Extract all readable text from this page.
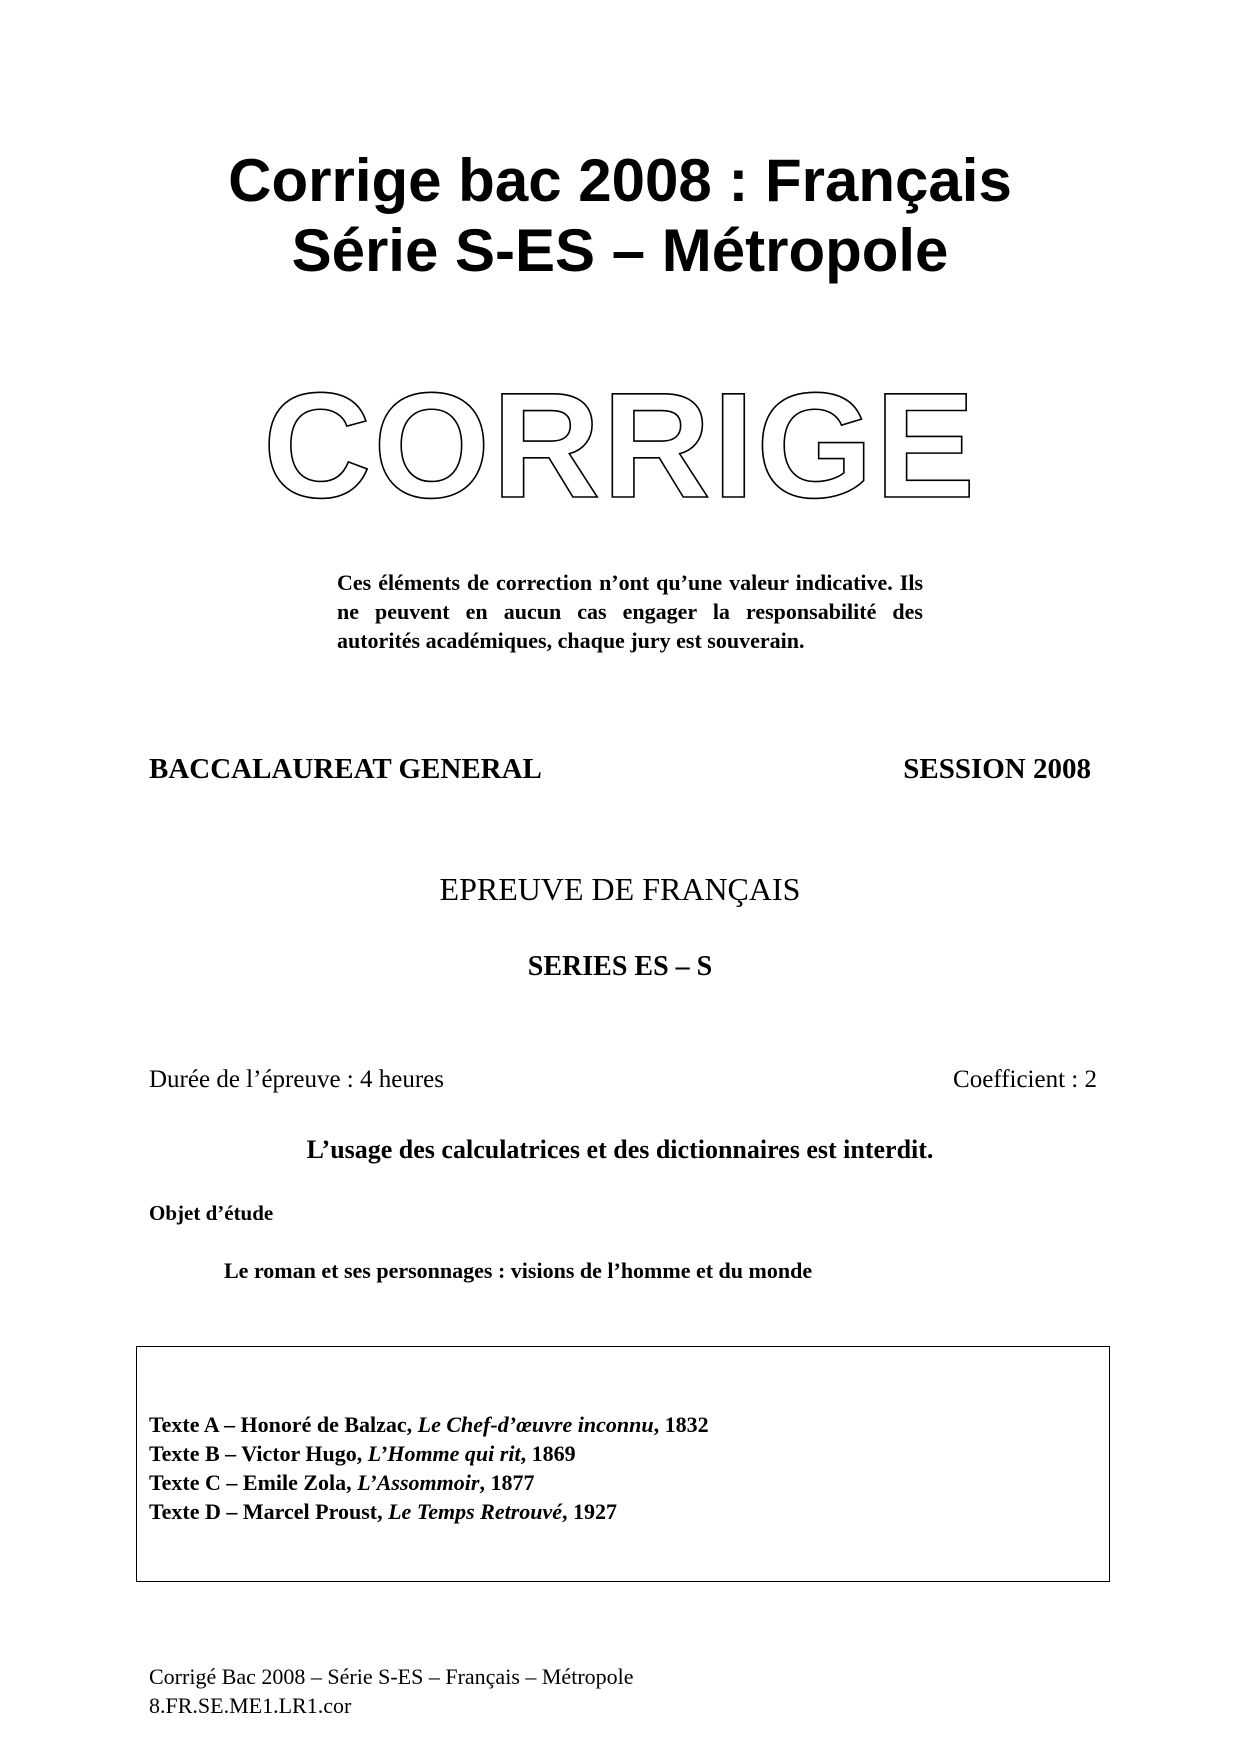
Corrige bac 2008 : Français
Série S-ES – Métropole
CORRIGE
Ces éléments de correction n’ont qu’une valeur indicative. Ils ne peuvent en aucun cas engager la responsabilité des autorités académiques, chaque jury est souverain.
BACCALAUREAT GENERAL	SESSION 2008
EPREUVE DE FRANÇAIS
SERIES ES – S
Durée de l’épreuve : 4 heures	Coefficient : 2
L’usage des calculatrices et des dictionnaires est interdit.
Objet d’étude
Le roman et ses personnages : visions de l’homme et du monde
Texte A – Honoré de Balzac, Le Chef-d’œuvre inconnu, 1832
Texte B – Victor Hugo, L’Homme qui rit, 1869
Texte C – Emile Zola, L’Assommoir, 1877
Texte D – Marcel Proust, Le Temps Retrouvé, 1927
Corrigé Bac 2008 – Série S-ES – Français – Métropole
8.FR.SE.ME1.LR1.cor
